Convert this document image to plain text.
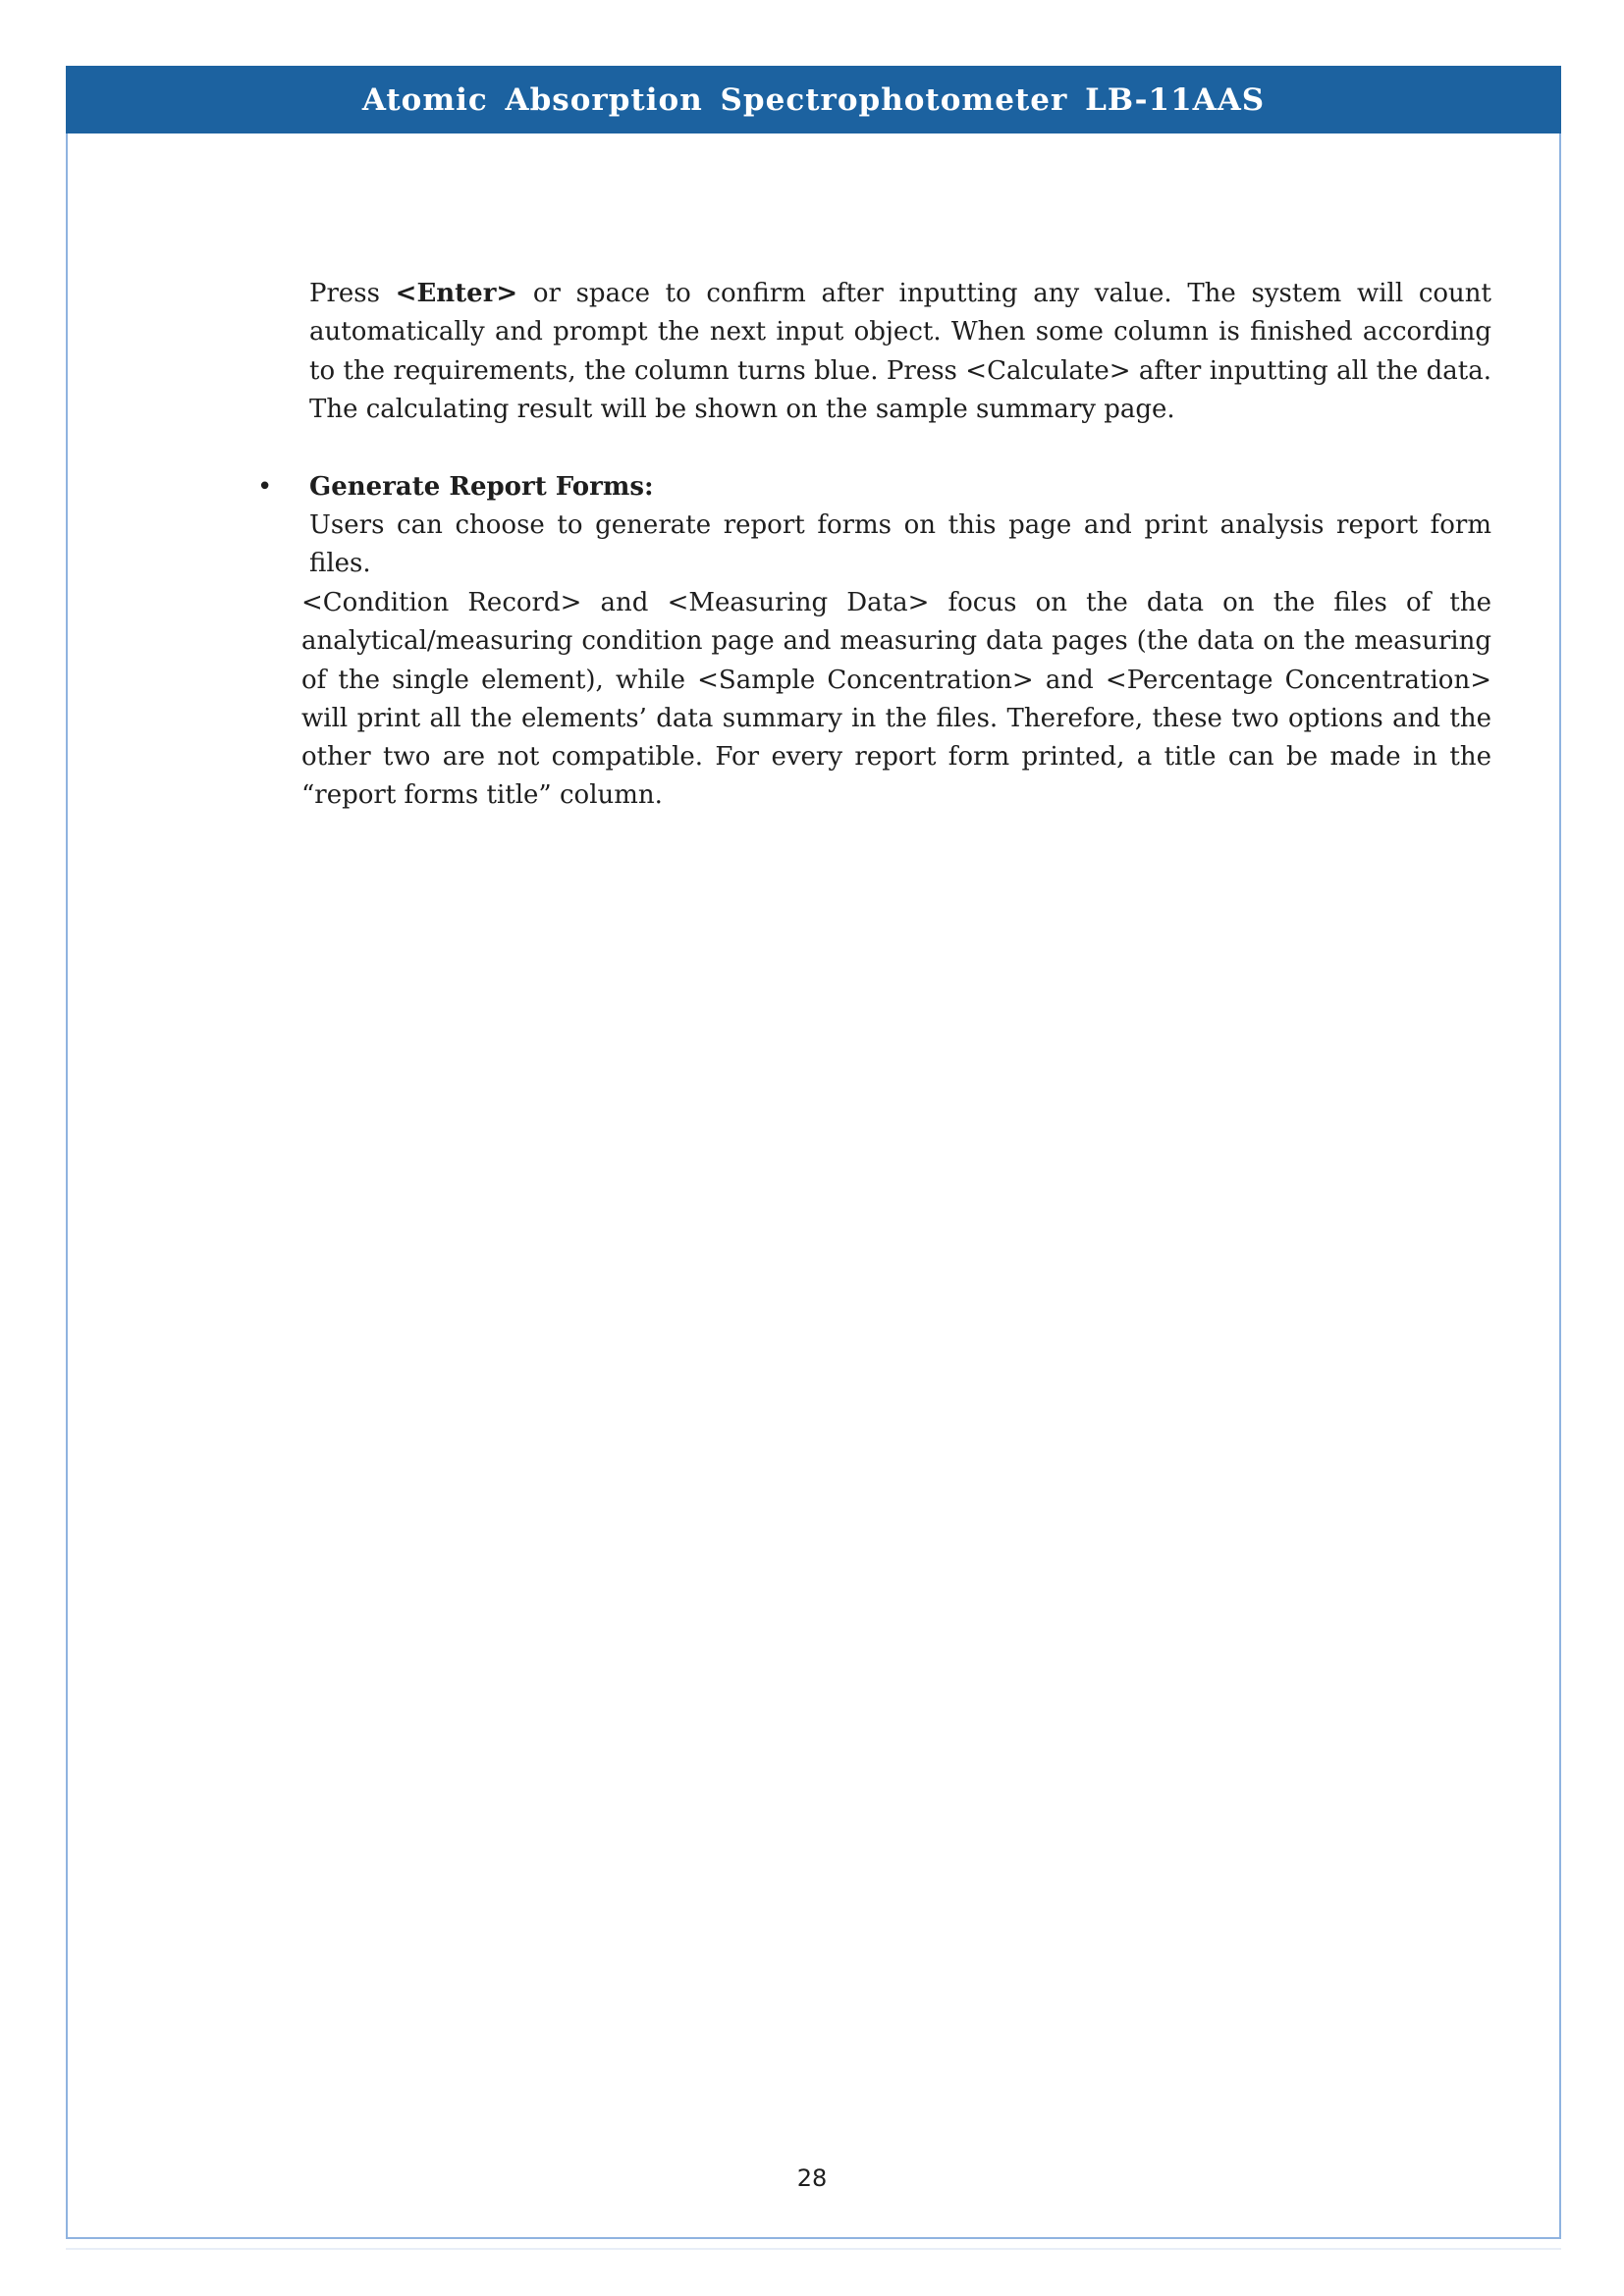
Atomic Absorption Spectrophotometer LB-11AAS
Press <Enter> or space to confirm after inputting any value. The system will count automatically and prompt the next input object. When some column is finished according to the requirements, the column turns blue. Press <Calculate> after inputting all the data. The calculating result will be shown on the sample summary page.
• Generate Report Forms:
Users can choose to generate report forms on this page and print analysis report form files.
<Condition Record> and <Measuring Data> focus on the data on the files of the analytical/measuring condition page and measuring data pages (the data on the measuring of the single element), while <Sample Concentration> and <Percentage Concentration> will print all the elements’ data summary in the files. Therefore, these two options and the other two are not compatible. For every report form printed, a title can be made in the “report forms title” column.
28
